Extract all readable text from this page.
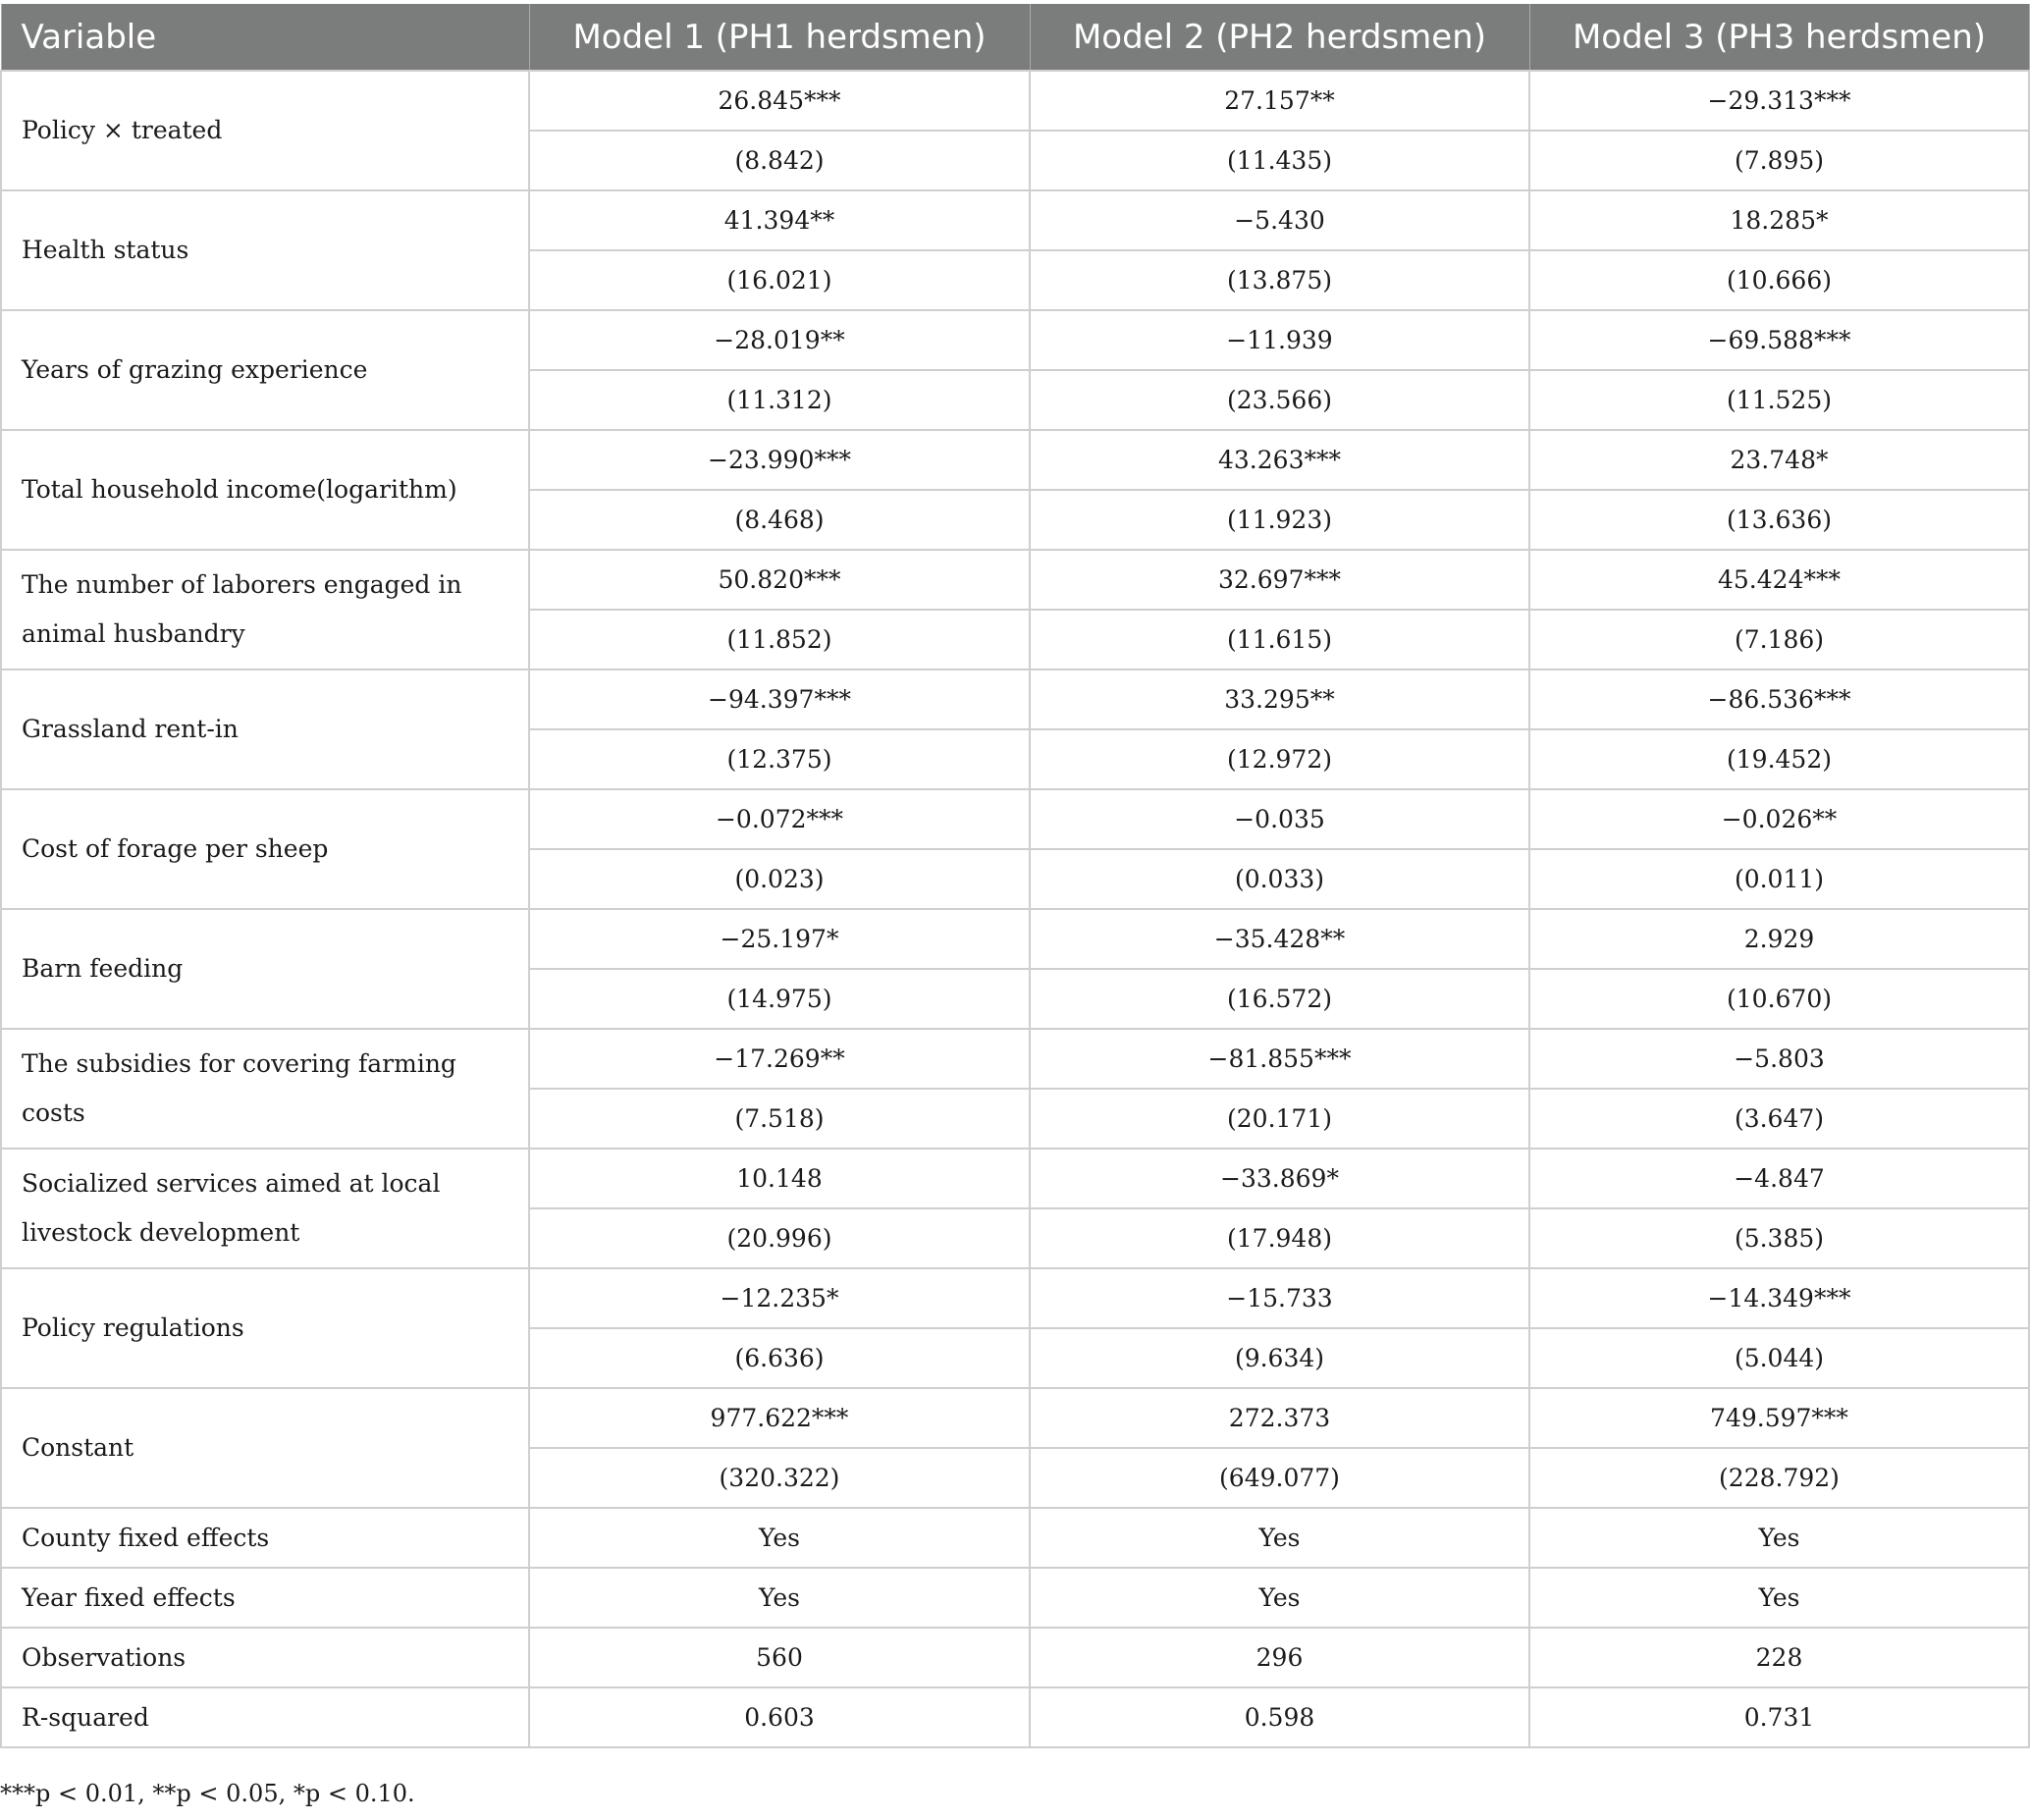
Variable	Model 1 (PH1 herdsmen)	Model 2 (PH2 herdsmen)	Model 3 (PH3 herdsmen)
Policy × treated	26.845***	27.157**	−29.313***
	(8.842)	(11.435)	(7.895)
Health status	41.394**	−5.430	18.285*
	(16.021)	(13.875)	(10.666)
Years of grazing experience	−28.019**	−11.939	−69.588***
	(11.312)	(23.566)	(11.525)
Total household income(logarithm)	−23.990***	43.263***	23.748*
	(8.468)	(11.923)	(13.636)
The number of laborers engaged in animal husbandry	50.820***	32.697***	45.424***
	(11.852)	(11.615)	(7.186)
Grassland rent-in	−94.397***	33.295**	−86.536***
	(12.375)	(12.972)	(19.452)
Cost of forage per sheep	−0.072***	−0.035	−0.026**
	(0.023)	(0.033)	(0.011)
Barn feeding	−25.197*	−35.428**	2.929
	(14.975)	(16.572)	(10.670)
The subsidies for covering farming costs	−17.269**	−81.855***	−5.803
	(7.518)	(20.171)	(3.647)
Socialized services aimed at local livestock development	10.148	−33.869*	−4.847
	(20.996)	(17.948)	(5.385)
Policy regulations	−12.235*	−15.733	−14.349***
	(6.636)	(9.634)	(5.044)
Constant	977.622***	272.373	749.597***
	(320.322)	(649.077)	(228.792)
County fixed effects	Yes	Yes	Yes
Year fixed effects	Yes	Yes	Yes
Observations	560	296	228
R-squared	0.603	0.598	0.731
***p < 0.01, **p < 0.05, *p < 0.10.
